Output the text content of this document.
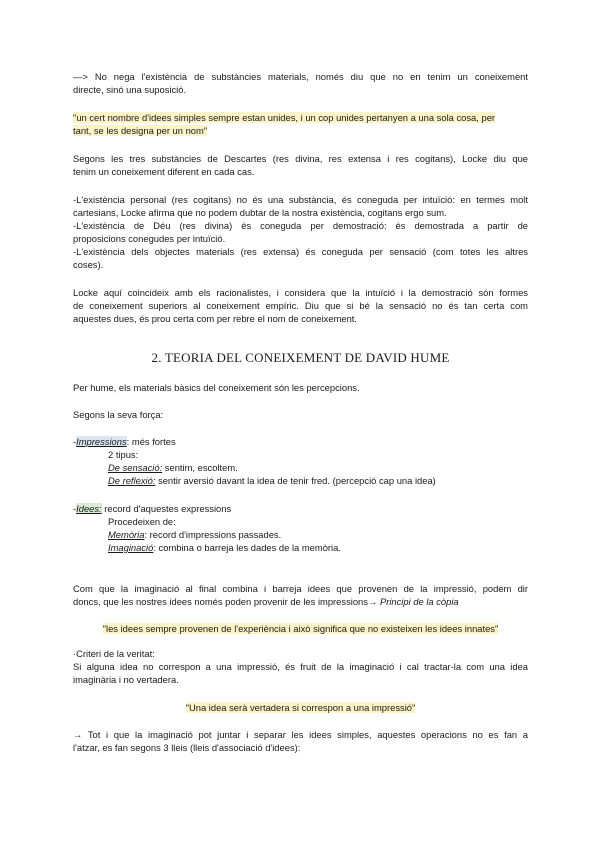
—> No nega l'existència de substàncies materials, només diu que no en tenim un coneixement
directe, sinó una suposició.
"un cert nombre d'idees simples sempre estan unides, i un cop unides pertanyen a una sola cosa, per
tant, se les designa per un nom"
Segons les tres substàncies de Descartes (res divina, res extensa i res cogitans), Locke diu que
tenim un coneixement diferent en cada cas.
-L'existència personal (res cogitans) no és una substància, és coneguda per intuïció: en termes molt
cartesians, Locke afirma que no podem dubtar de la nostra existència, cogitans ergo sum.
-L'existència de Déu (res divina) és coneguda per demostració: és demostrada a partir de
proposicions conegudes per intuïció.
-L'existència dels objectes materials (res extensa) és coneguda per sensació (com totes les altres
coses).
Locke aquí coincideix amb els racionalistes, i considera que la intuïció i la demostració són formes
de coneixement superiors al coneixement empíric. Diu que si bé la sensació no és tan certa com
aquestes dues, és prou certa com per rebre el nom de coneixement.
2. TEORIA DEL CONEIXEMENT DE DAVID HUME
Per hume, els materials bàsics del coneixement són les percepcions.
Segons la seva força:
-Impressions: més fortes
2 tipus:
De sensació: sentim, escoltem.
De reflexió: sentir aversió davant la idea de tenir fred. (percepció cap una idea)
-Idees: record d'aquestes expressions
Procedeixen de:
Memòria: record d'impressions passades.
Imaginació: combina o barreja les dades de la memòria.
Com que la imaginació al final combina i barreja idees que provenen de la impressió, podem dir
doncs, que les nostres idees només poden provenir de les impressions→ Principi de la còpia
"les idees sempre provenen de l'experiència i això significa que no existeixen les idees innates"
·Criteri de la veritat:
Si alguna idea no correspon a una impressió, és fruit de la imaginació i cal tractar-la com una idea
imaginària i no vertadera.
"Una idea serà vertadera si correspon a una impressió"
→ Tot i que la imaginació pot juntar i separar les idees simples, aquestes operacions no es fan a
l'atzar, es fan segons 3 lleis (lleis d'associació d'idees):
